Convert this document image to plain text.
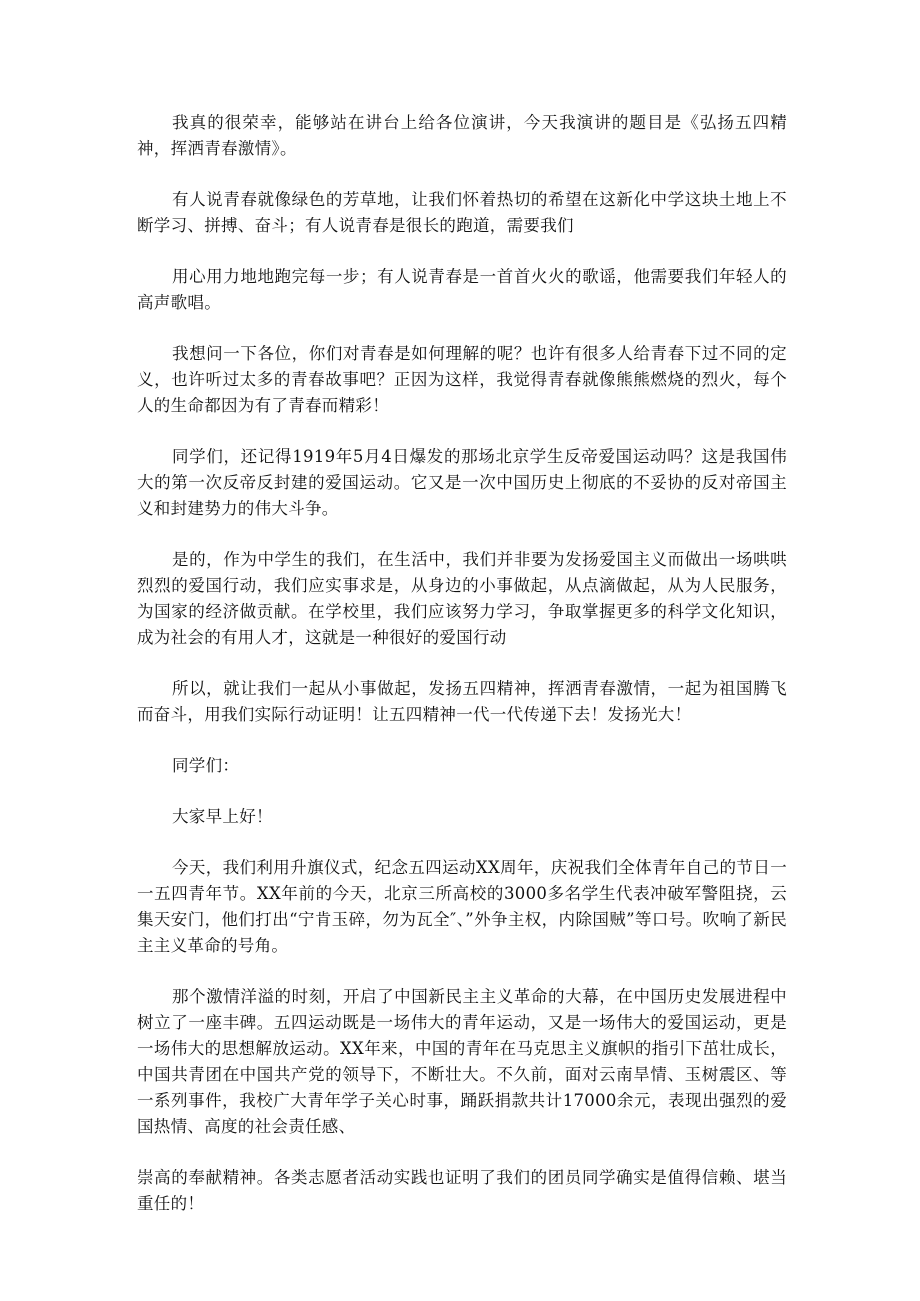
我真的很荣幸，能够站在讲台上给各位演讲，今天我演讲的题目是《弘扬五四精神，挥洒青春激情》。

有人说青春就像绿色的芳草地，让我们怀着热切的希望在这新化中学这块土地上不断学习、拼搏、奋斗；有人说青春是很长的跑道，需要我们

用心用力地地跑完每一步；有人说青春是一首首火火的歌谣，他需要我们年轻人的高声歌唱。

我想问一下各位，你们对青春是如何理解的呢？也许有很多人给青春下过不同的定义，也许听过太多的青春故事吧？正因为这样，我觉得青春就像熊熊燃烧的烈火，每个人的生命都因为有了青春而精彩！

同学们，还记得1919年5月4日爆发的那场北京学生反帝爱国运动吗？这是我国伟大的第一次反帝反封建的爱国运动。它又是一次中国历史上彻底的不妥协的反对帝国主义和封建势力的伟大斗争。

是的，作为中学生的我们，在生活中，我们并非要为发扬爱国主义而做出一场哄哄烈烈的爱国行动，我们应实事求是，从身边的小事做起，从点滴做起，从为人民服务，为国家的经济做贡献。在学校里，我们应该努力学习，争取掌握更多的科学文化知识，成为社会的有用人才，这就是一种很好的爱国行动

所以，就让我们一起从小事做起，发扬五四精神，挥洒青春激情，一起为祖国腾飞而奋斗，用我们实际行动证明！让五四精神一代一代传递下去！发扬光大！

同学们：

大家早上好！

今天，我们利用升旗仪式，纪念五四运动XX周年，庆祝我们全体青年自己的节日一一五四青年节。XX年前的今天，北京三所高校的3000多名学生代表冲破军警阻挠，云集天安门，他们打出“宁肯玉碎，勿为瓦全″、”外争主权，内除国贼”等口号。吹响了新民主主义革命的号角。

那个激情洋溢的时刻，开启了中国新民主主义革命的大幕，在中国历史发展进程中树立了一座丰碑。五四运动既是一场伟大的青年运动，又是一场伟大的爱国运动，更是一场伟大的思想解放运动。XX年来，中国的青年在马克思主义旗帜的指引下茁壮成长，中国共青团在中国共产党的领导下，不断壮大。不久前，面对云南旱情、玉树震区、等一系列事件，我校广大青年学子关心时事，踊跃捐款共计17000余元，表现出强烈的爱国热情、高度的社会责任感、

崇高的奉献精神。各类志愿者活动实践也证明了我们的团员同学确实是值得信赖、堪当重任的！
